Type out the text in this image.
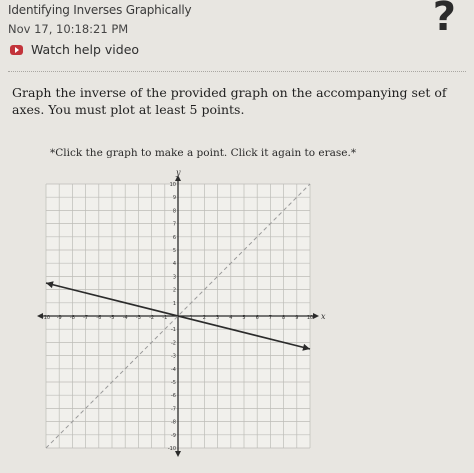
Identifying Inverses Graphically
Nov 17, 10:18:21 PM	?
Watch help video
Graph the inverse of the provided graph on the accompanying set of axes. You must plot at least 5 points.
*Click the graph to make a point. Click it again to erase.*
x
y
-10 -9 -8 -7 -6 -5 -4 -3 -2 -1	1 2 3 4 5 6 7 8 9 10
-10
-9
-8
-7
-6
-5
-4
-3
-2
-1
1
2
3
4
5
6
7
8
9
10
